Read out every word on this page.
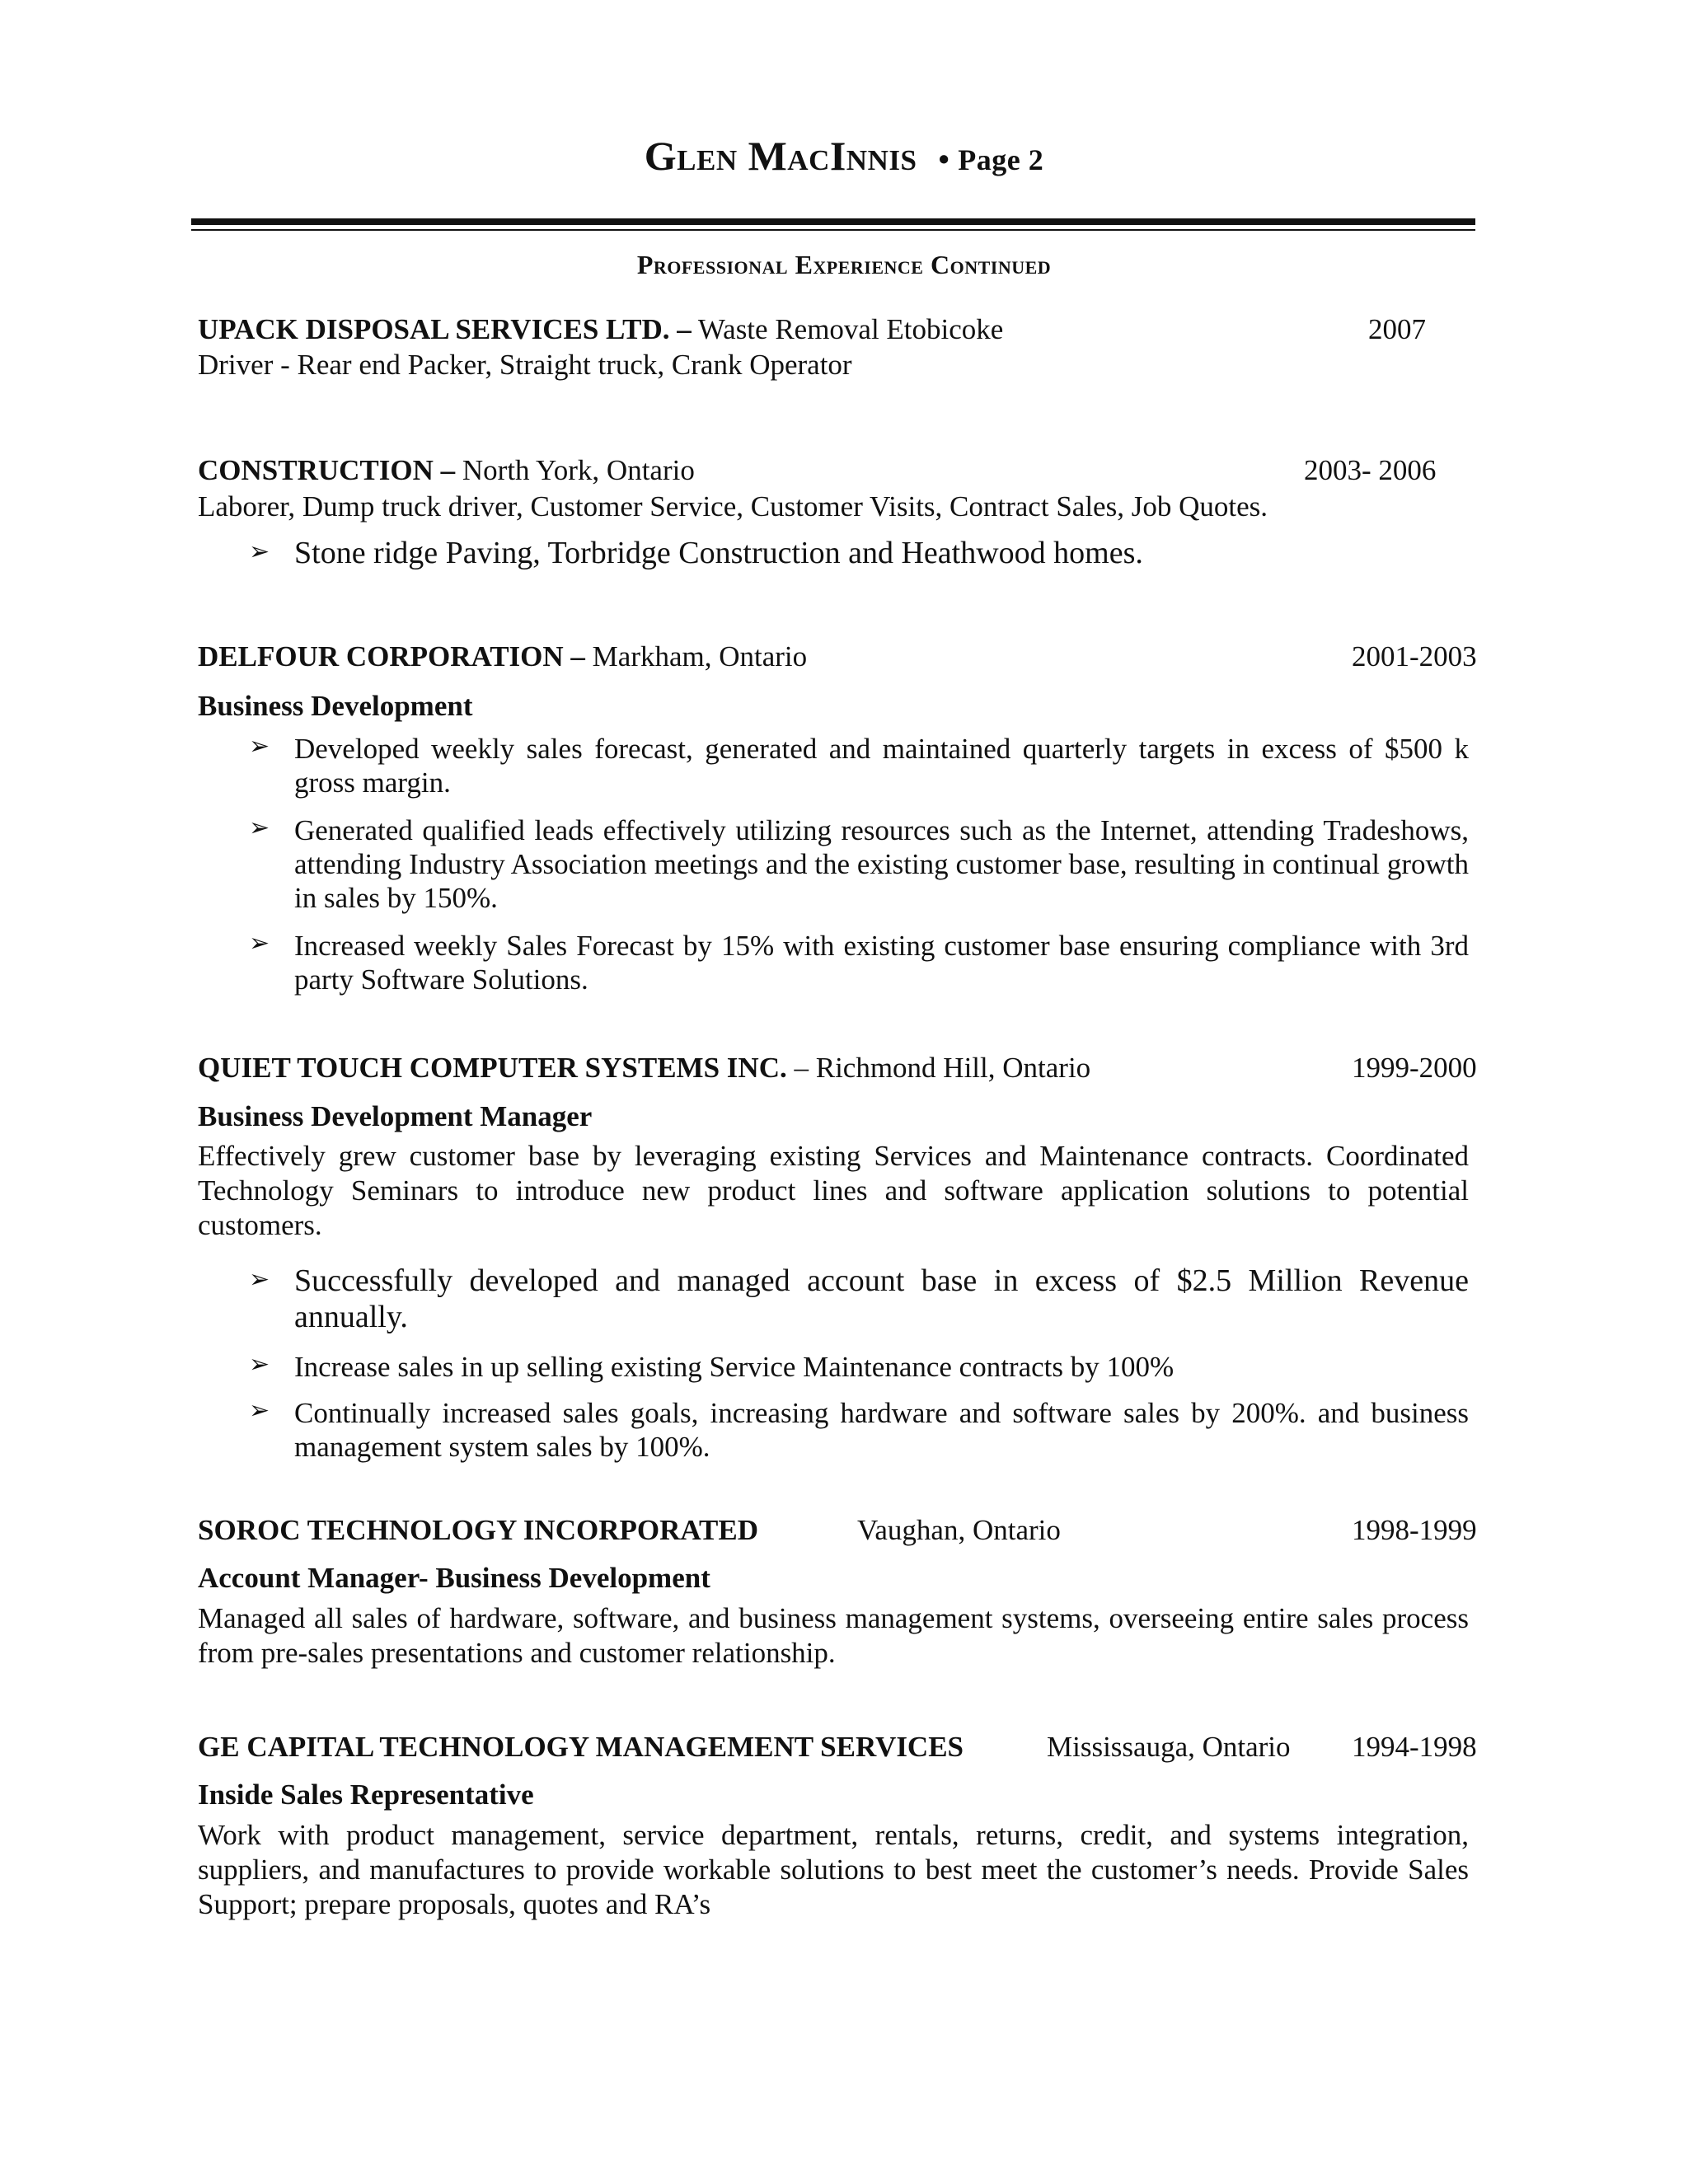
Glen MacInnis • Page 2
Professional Experience Continued
UPACK DISPOSAL SERVICES LTD. – Waste Removal Etobicoke	2007
Driver - Rear end Packer, Straight truck, Crank Operator
CONSTRUCTION – North York, Ontario	2003- 2006
Laborer, Dump truck driver, Customer Service, Customer Visits, Contract Sales, Job Quotes.
➢ Stone ridge Paving, Torbridge Construction and Heathwood homes.
DELFOUR CORPORATION – Markham, Ontario	2001-2003
Business Development
➢ Developed weekly sales forecast, generated and maintained quarterly targets in excess of $500 k gross margin.
➢ Generated qualified leads effectively utilizing resources such as the Internet, attending Tradeshows, attending Industry Association meetings and the existing customer base, resulting in continual growth in sales by 150%.
➢ Increased weekly Sales Forecast by 15% with existing customer base ensuring compliance with 3rd party Software Solutions.
QUIET TOUCH COMPUTER SYSTEMS INC. – Richmond Hill, Ontario	1999-2000
Business Development Manager
Effectively grew customer base by leveraging existing Services and Maintenance contracts. Coordinated Technology Seminars to introduce new product lines and software application solutions to potential customers.
➢ Successfully developed and managed account base in excess of $2.5 Million Revenue annually.
➢ Increase sales in up selling existing Service Maintenance contracts by 100%
➢ Continually increased sales goals, increasing hardware and software sales by 200%. and business management system sales by 100%.
SOROC TECHNOLOGY INCORPORATED	Vaughan, Ontario	1998-1999
Account Manager- Business Development
Managed all sales of hardware, software, and business management systems, overseeing entire sales process from pre-sales presentations and customer relationship.
GE CAPITAL TECHNOLOGY MANAGEMENT SERVICES	Mississauga, Ontario 1994-1998
Inside Sales Representative
Work with product management, service department, rentals, returns, credit, and systems integration, suppliers, and manufactures to provide workable solutions to best meet the customer’s needs. Provide Sales Support; prepare proposals, quotes and RA’s
